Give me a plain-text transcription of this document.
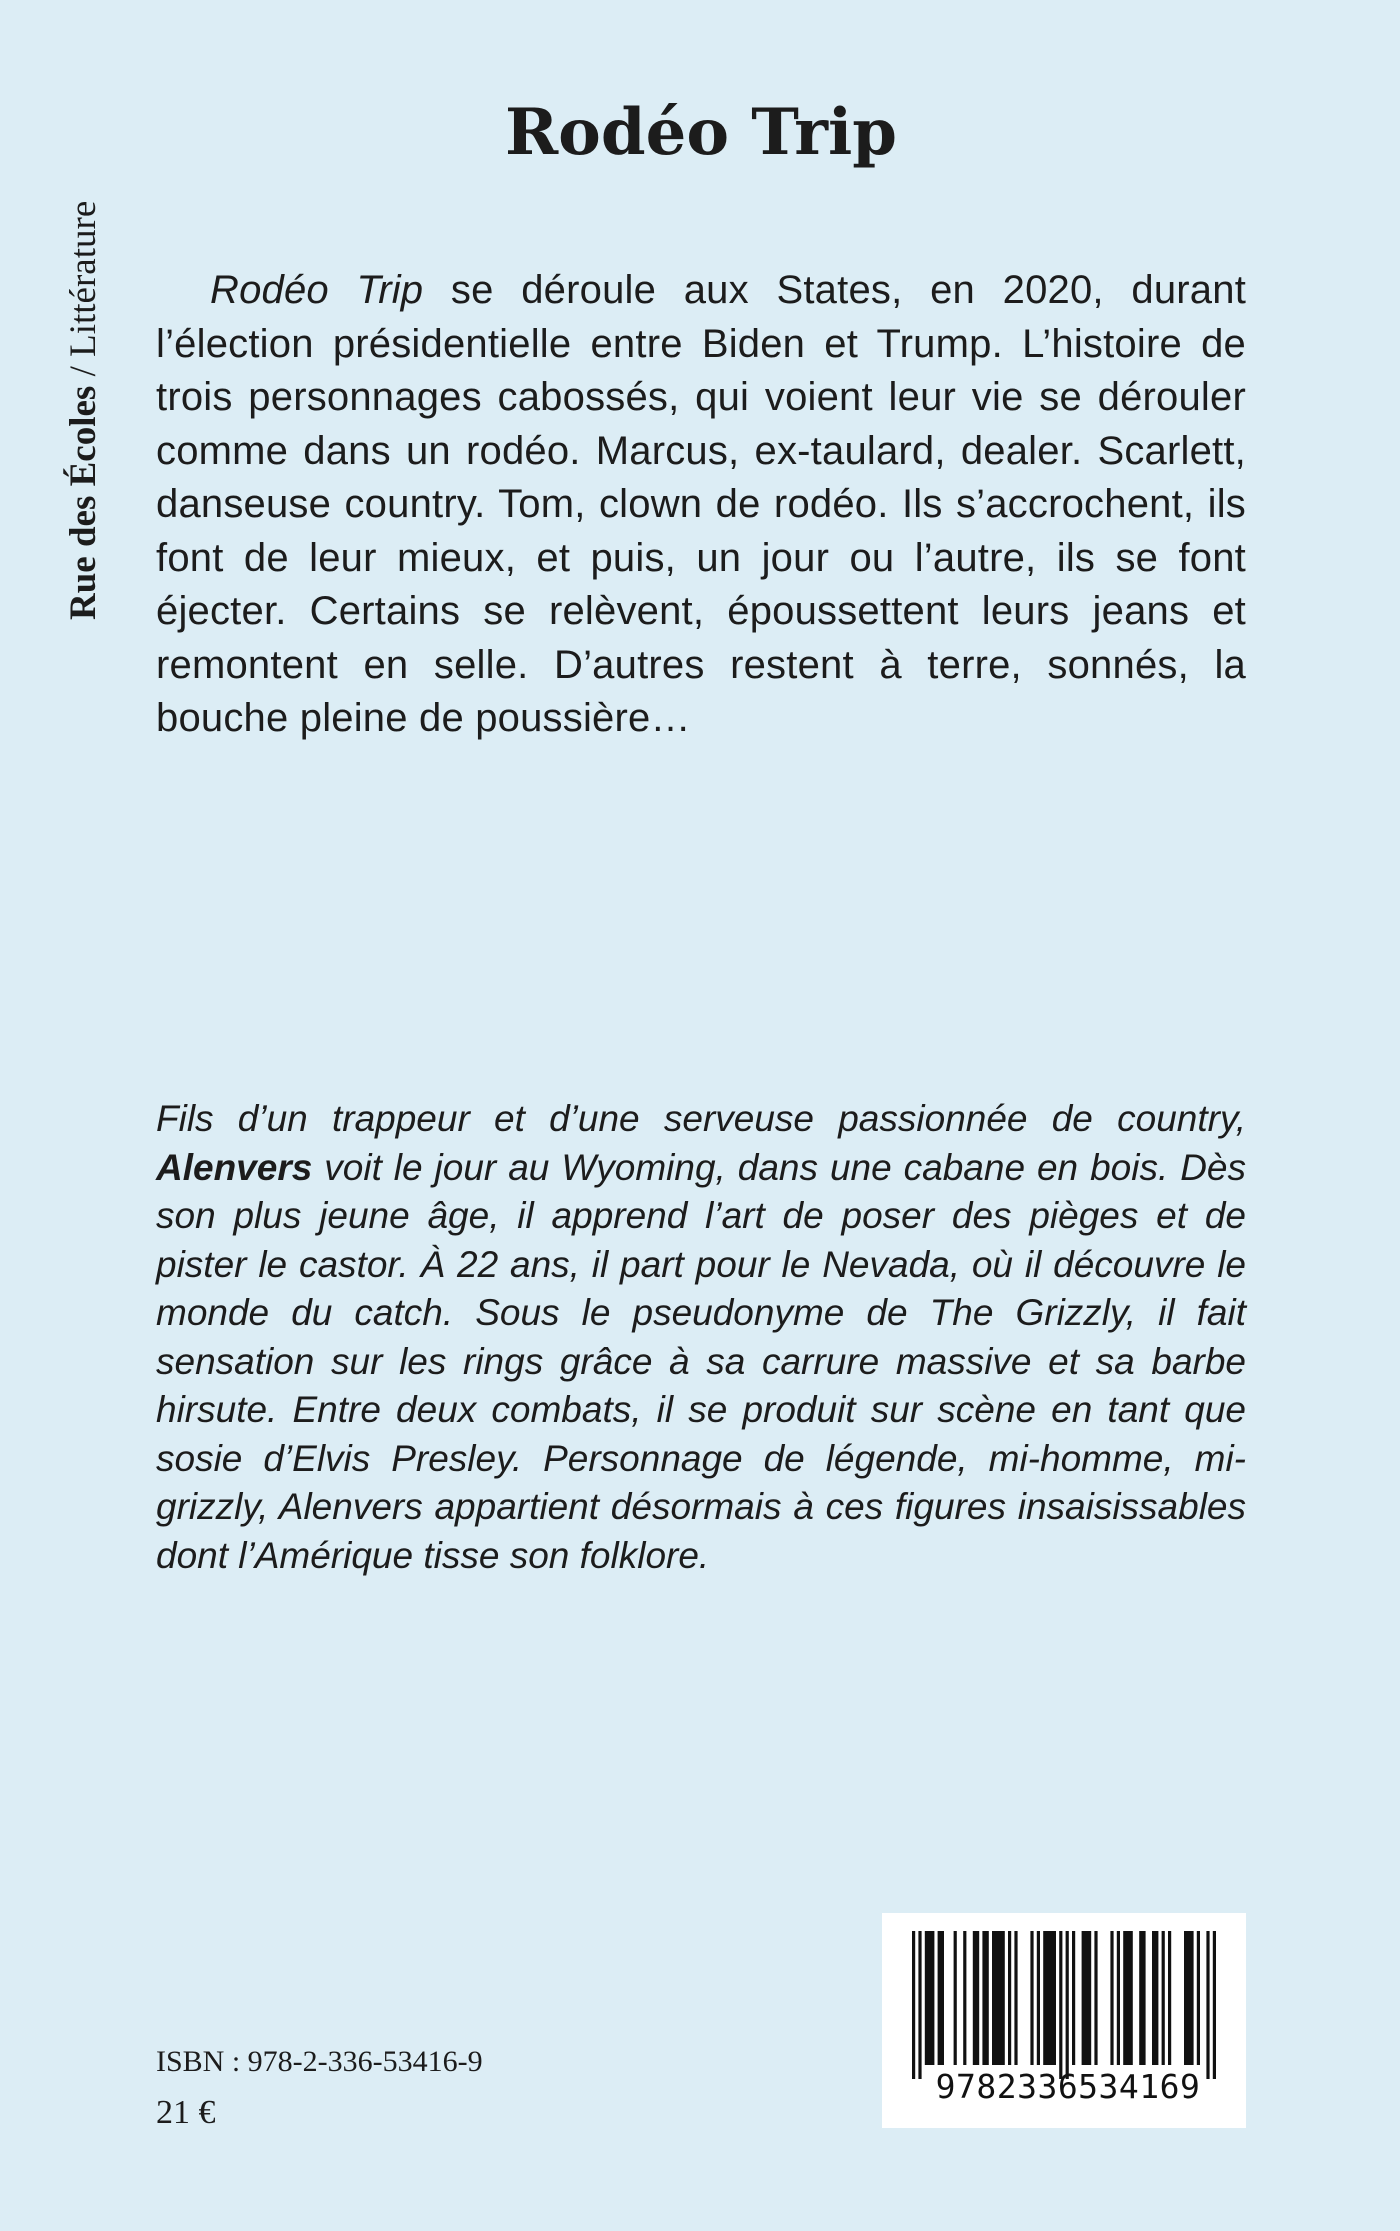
Rue des Écoles / Littérature
Rodéo Trip

Rodéo Trip se déroule aux States, en 2020, durant l’élection présidentielle entre Biden et Trump. L’histoire de trois personnages cabossés, qui voient leur vie se dérouler comme dans un rodéo. Marcus, ex-taulard, dealer. Scarlett, danseuse country. Tom, clown de rodéo. Ils s’accrochent, ils font de leur mieux, et puis, un jour ou l’autre, ils se font éjecter. Certains se relèvent, époussettent leurs jeans et remontent en selle. D’autres restent à terre, sonnés, la bouche pleine de poussière…

Fils d’un trappeur et d’une serveuse passionnée de country, Alenvers voit le jour au Wyoming, dans une cabane en bois. Dès son plus jeune âge, il apprend l’art de poser des pièges et de pister le castor. À 22 ans, il part pour le Nevada, où il découvre le monde du catch. Sous le pseudonyme de The Grizzly, il fait sensation sur les rings grâce à sa carrure massive et sa barbe hirsute. Entre deux combats, il se produit sur scène en tant que sosie d’Elvis Presley. Personnage de légende, mi-homme, mi-grizzly, Alenvers appartient désormais à ces figures insaisissables dont l’Amérique tisse son folklore.

ISBN : 978-2-336-53416-9
21 €
9782336534169
